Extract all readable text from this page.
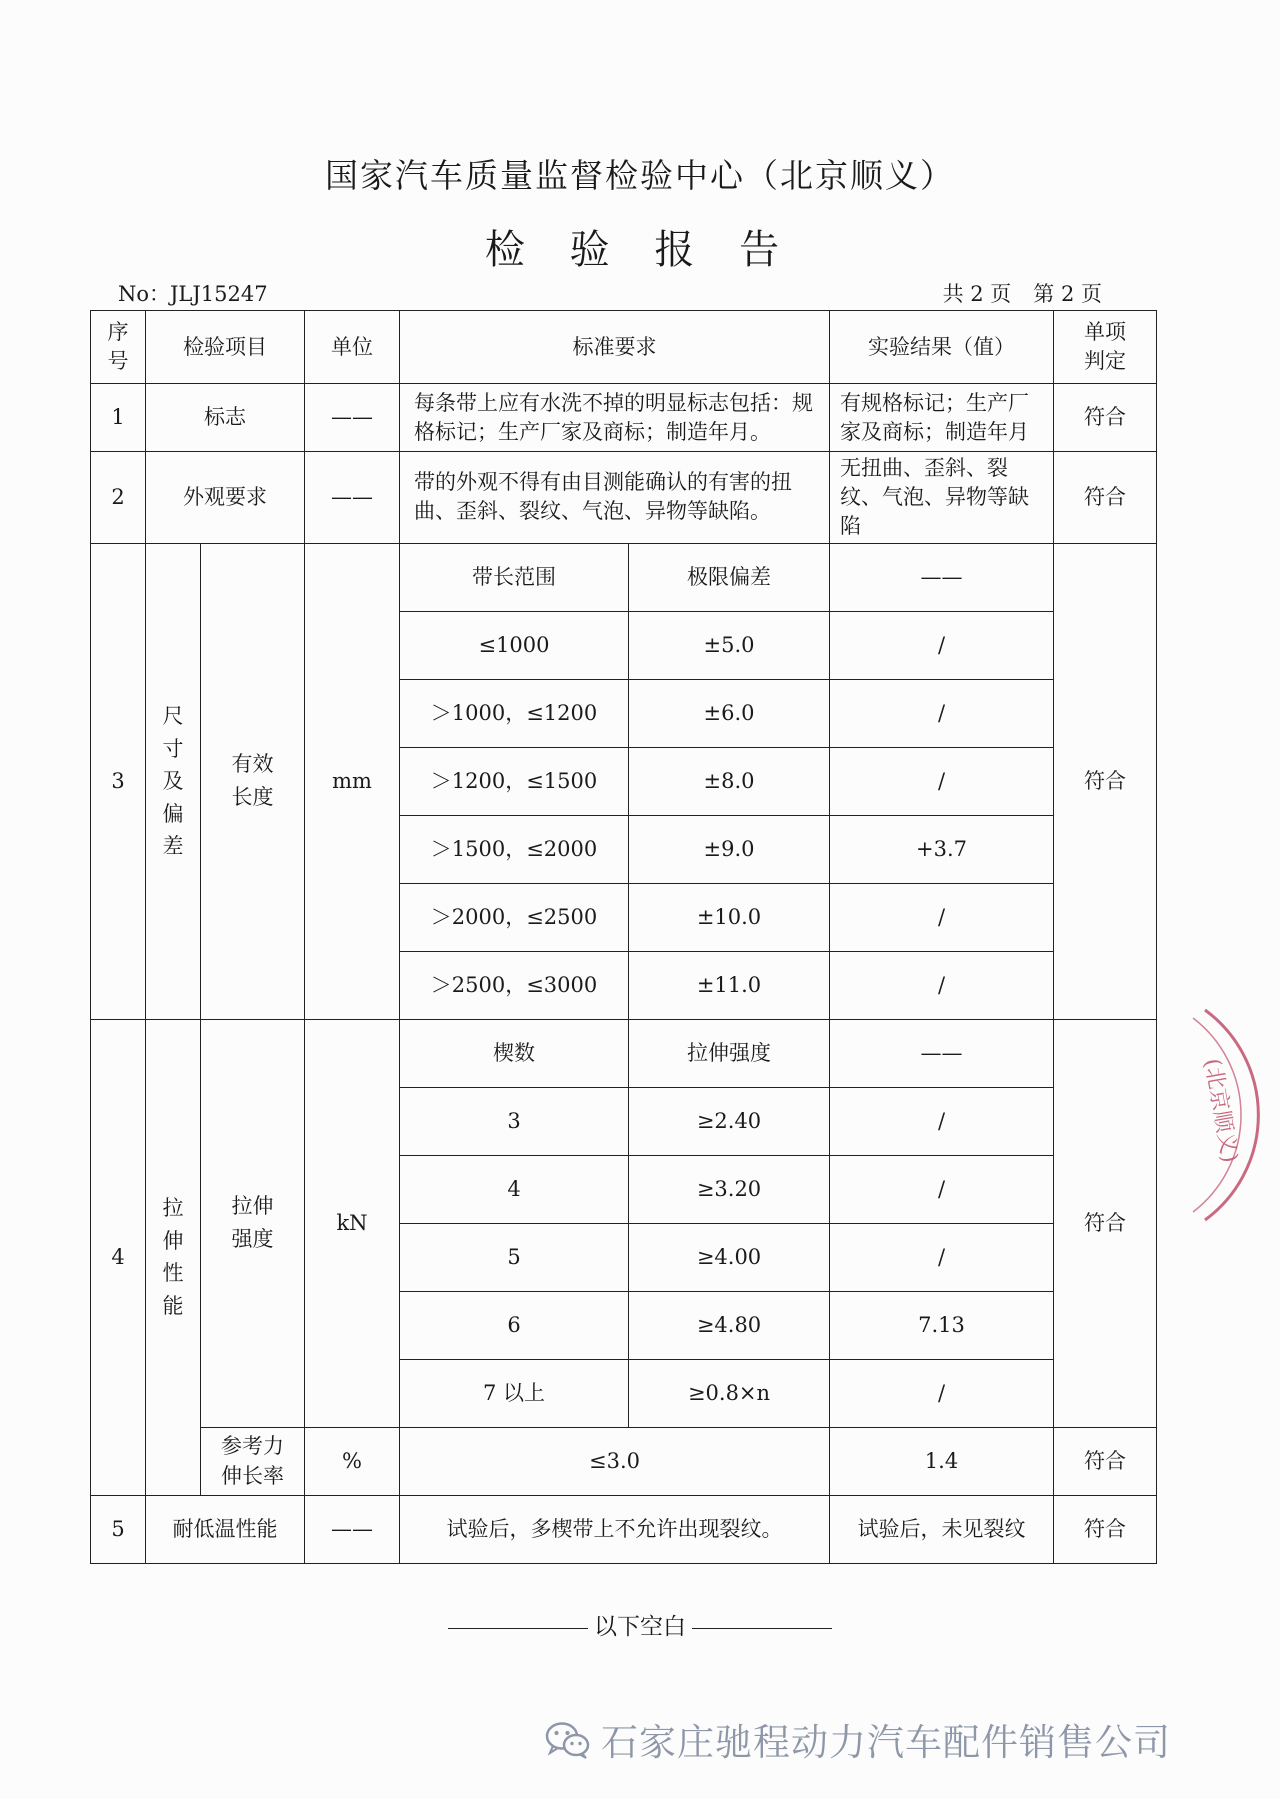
国家汽车质量监督检验中心（北京顺义）
检 验 报 告
No：JLJ15247	共 2 页 第 2 页
序号	检验项目		单位	标准要求		实验结果（值）	单项判定

1	标志		——	每条带上应有水洗不掉的明显标志包括：规格标记；生产厂家及商标；制造年月。		有规格标记；生产厂家及商标；制造年月	符合
2	外观要求		——	带的外观不得有由目测能确认的有害的扭曲、歪斜、裂纹、气泡、异物等缺陷。		无扭曲、歪斜、裂纹、气泡、异物等缺陷	符合
3	尺寸及偏差	有效长度	mm	带长范围	极限偏差	——	符合
				≤1000	±5.0	/	
				＞1000，≤1200	±6.0	/	
				＞1200，≤1500	±8.0	/	
				＞1500，≤2000	±9.0	+3.7	
				＞2000，≤2500	±10.0	/	
				＞2500，≤3000	±11.0	/	
4	拉伸性能	拉伸强度	kN	楔数	拉伸强度	——	符合
				3	≥2.40	/	
				4	≥3.20	/	
				5	≥4.00	/	
				6	≥4.80	7.13	
				7 以上	≥0.8×n	/	

		参考力伸长率	%	≤3.0		1.4	符合
5	耐低温性能		——	试验后，多楔带上不允许出现裂纹。		试验后，未见裂纹	符合
以下空白
(北京顺义)
石家庄驰程动力汽车配件销售公司
